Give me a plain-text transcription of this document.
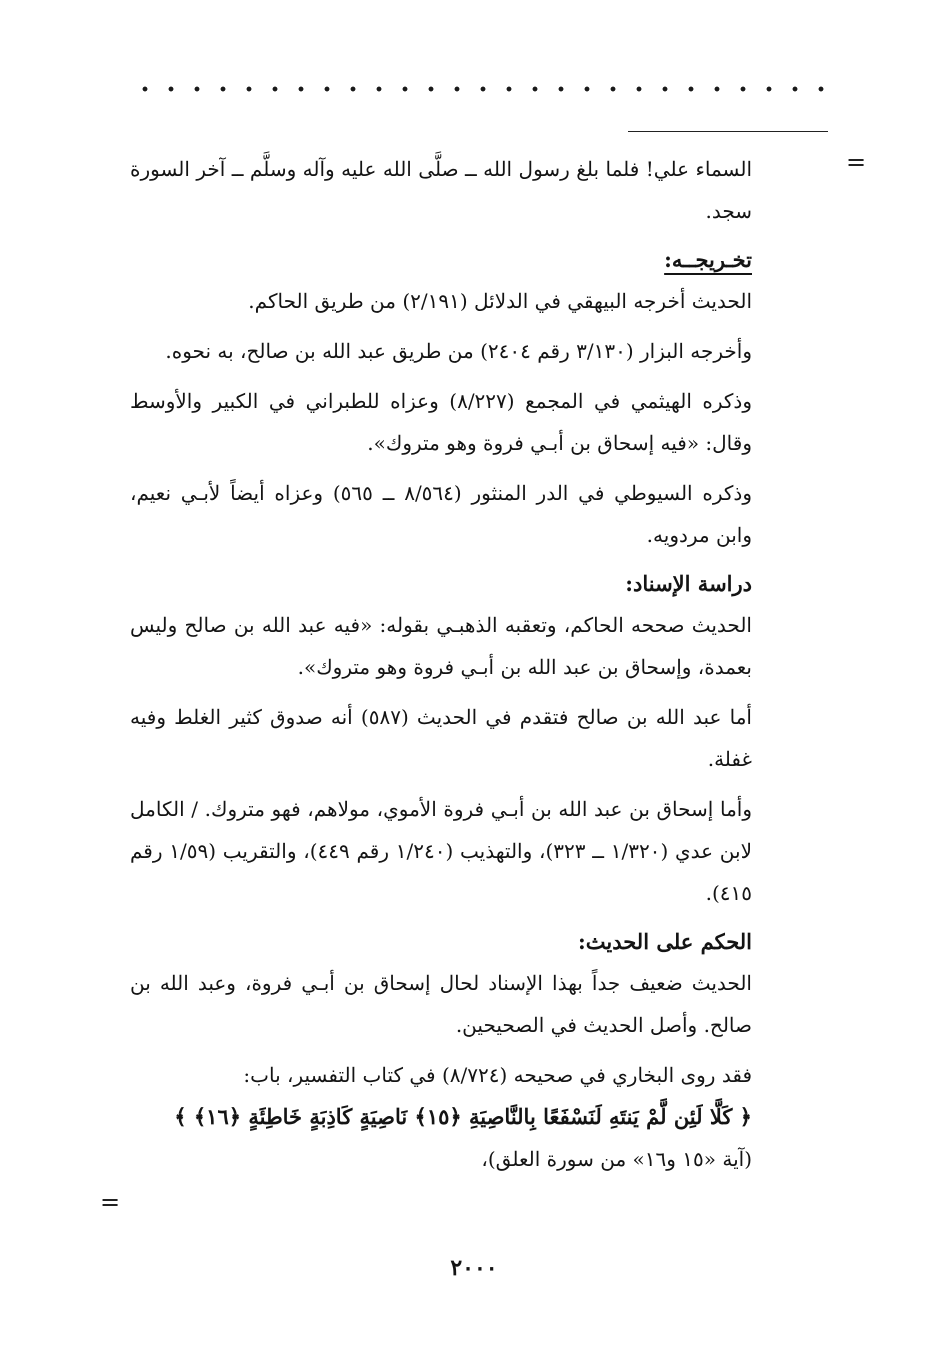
=

السماء علي! فلما بلغ رسول الله ــ صلَّى الله عليه وآله وسلَّم ــ آخر السورة سجد.

تخـريجــه:

الحديث أخرجه البيهقي في الدلائل (٢/١٩١) من طريق الحاكم.

وأخرجه البزار (٣/١٣٠ رقم ٢٤٠٤) من طريق عبد الله بن صالح، به نحوه.

وذكره الهيثمي في المجمع (٨/٢٢٧) وعزاه للطبراني في الكبير والأوسط وقال: «فيه إسحاق بن أبـي فروة وهو متروك».

وذكره السيوطي في الدر المنثور (٨/٥٦٤ ــ ٥٦٥) وعزاه أيضاً لأبـي نعيم، وابن مردويه.

دراسة الإسناد:

الحديث صححه الحاكم، وتعقبه الذهبـي بقوله: «فيه عبد الله بن صالح وليس بعمدة، وإسحاق بن عبد الله بن أبـي فروة وهو متروك».

أما عبد الله بن صالح فتقدم في الحديث (٥٨٧) أنه صدوق كثير الغلط وفيه غفلة.

وأما إسحاق بن عبد الله بن أبـي فروة الأموي، مولاهم، فهو متروك. / الكامل لابن عدي (١/٣٢٠ ــ ٣٢٣)، والتهذيب (١/٢٤٠ رقم ٤٤٩)، والتقريب (١/٥٩ رقم ٤١٥).

الحكم على الحديث:

الحديث ضعيف جداً بهذا الإسناد لحال إسحاق بن أبـي فروة، وعبد الله بن صالح. وأصل الحديث في الصحيحين.

فقد روى البخاري في صحيحه (٨/٧٢٤) في كتاب التفسير، باب:

﴿ كَلَّا لَئِن لَّمْ يَنتَهِ لَنَسْفَعًا بِالنَّاصِيَةِ ﴿١٥﴾ نَاصِيَةٍ كَاذِبَةٍ خَاطِئَةٍ ﴿١٦﴾ ﴾

(آية «١٥ و١٦» من سورة العلق)،

=
٢٠٠٠
